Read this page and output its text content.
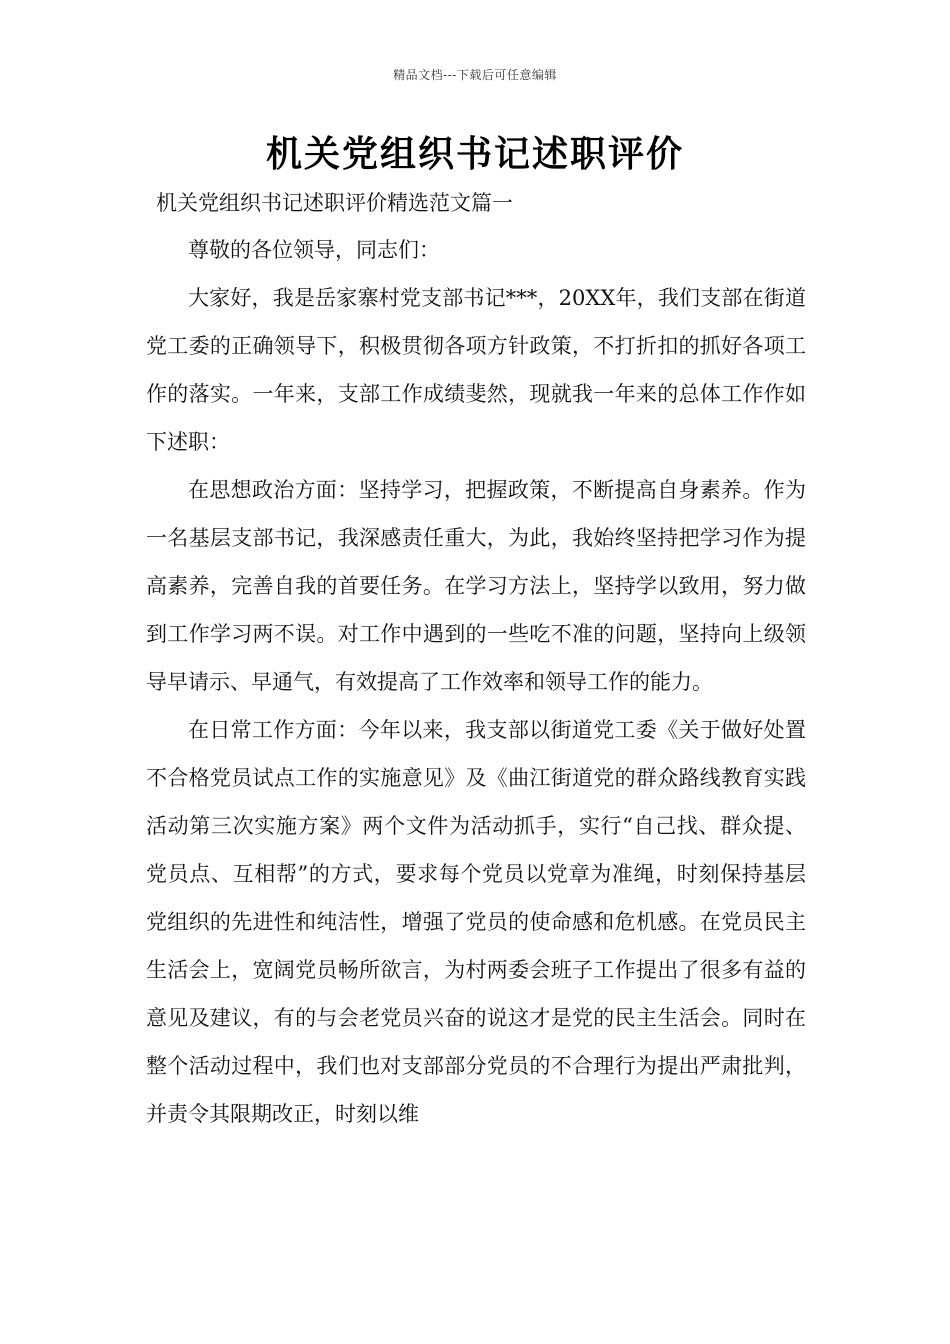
精品文档---下载后可任意编辑
机关党组织书记述职评价
机关党组织书记述职评价精选范文篇一

尊敬的各位领导，同志们：

大家好，我是岳家寨村党支部书记***，20XX年，我们支部在街道党工委的正确领导下，积极贯彻各项方针政策，不打折扣的抓好各项工作的落实。一年来，支部工作成绩斐然，现就我一年来的总体工作作如下述职：

在思想政治方面：坚持学习，把握政策，不断提高自身素养。作为一名基层支部书记，我深感责任重大，为此，我始终坚持把学习作为提高素养，完善自我的首要任务。在学习方法上，坚持学以致用，努力做到工作学习两不误。对工作中遇到的一些吃不准的问题，坚持向上级领导早请示、早通气，有效提高了工作效率和领导工作的能力。

在日常工作方面：今年以来，我支部以街道党工委《关于做好处置不合格党员试点工作的实施意见》及《曲江街道党的群众路线教育实践活动第三次实施方案》两个文件为活动抓手，实行“自己找、群众提、党员点、互相帮”的方式，要求每个党员以党章为准绳，时刻保持基层党组织的先进性和纯洁性，增强了党员的使命感和危机感。在党员民主生活会上，宽阔党员畅所欲言，为村两委会班子工作提出了很多有益的意见及建议，有的与会老党员兴奋的说这才是党的民主生活会。同时在整个活动过程中，我们也对支部部分党员的不合理行为提出严肃批判，并责令其限期改正，时刻以维
